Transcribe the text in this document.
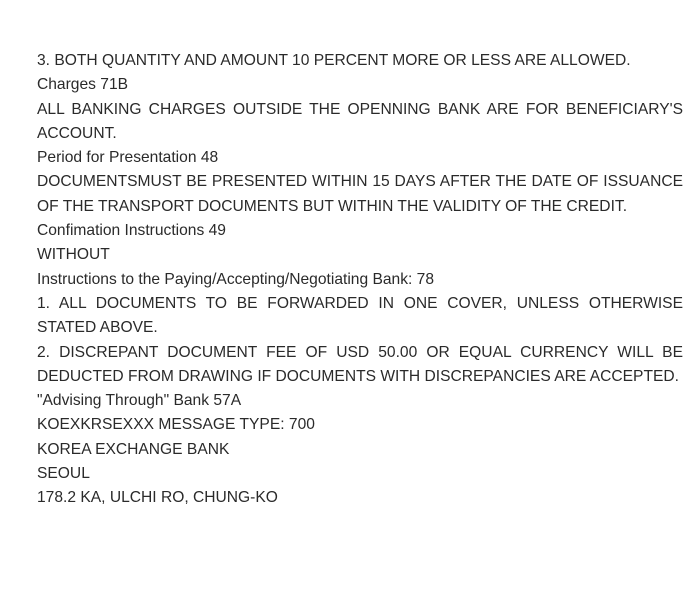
3. BOTH QUANTITY AND AMOUNT 10 PERCENT MORE OR LESS ARE ALLOWED.
Charges 71B
ALL BANKING CHARGES OUTSIDE THE OPENNING BANK ARE FOR BENEFICIARY'S ACCOUNT.
Period for Presentation 48
DOCUMENTSMUST BE PRESENTED WITHIN 15 DAYS AFTER THE DATE OF ISSUANCE OF THE TRANSPORT DOCUMENTS BUT WITHIN THE VALIDITY OF THE CREDIT.
Confimation Instructions 49
WITHOUT
Instructions to the Paying/Accepting/Negotiating Bank: 78
1. ALL DOCUMENTS TO BE FORWARDED IN ONE COVER, UNLESS OTHERWISE STATED ABOVE.
2. DISCREPANT DOCUMENT FEE OF USD 50.00 OR EQUAL CURRENCY WILL BE DEDUCTED FROM DRAWING IF DOCUMENTS WITH DISCREPANCIES ARE ACCEPTED.
"Advising Through" Bank 57A
KOEXKRSEXXX MESSAGE TYPE: 700
KOREA EXCHANGE BANK
SEOUL
178.2 KA, ULCHI RO, CHUNG-KO
